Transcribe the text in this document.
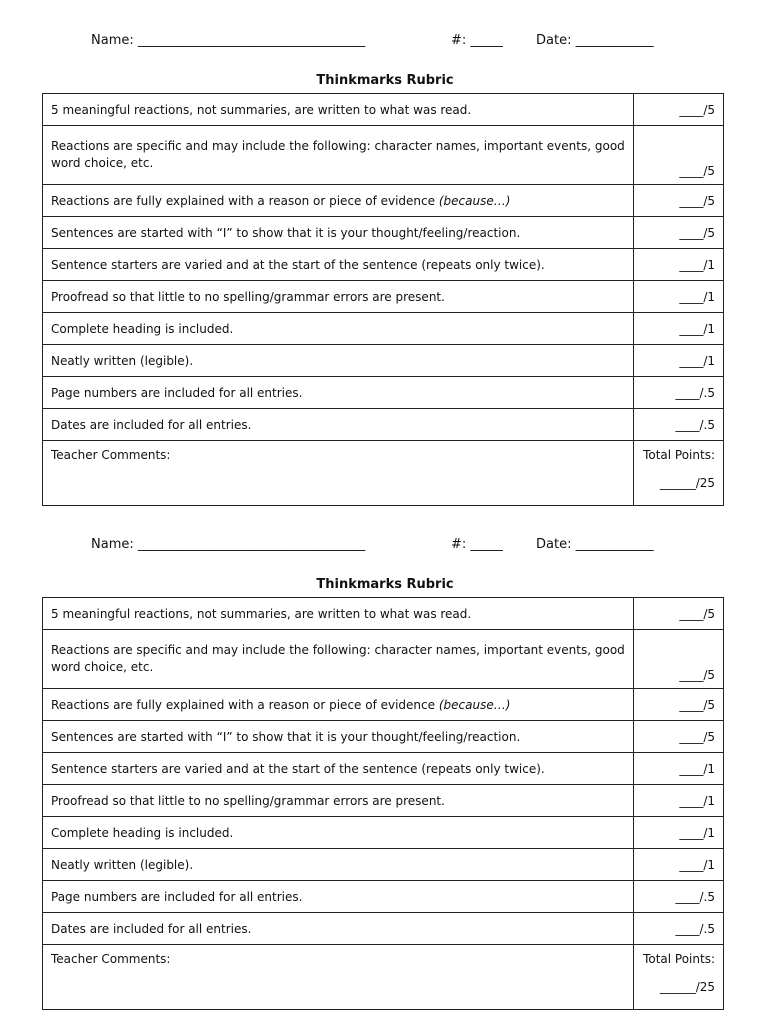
Name: ___________________________________	#: _____	Date: ____________
Thinkmarks Rubric
5 meaningful reactions, not summaries, are written to what was read.	____/5
Reactions are specific and may include the following: character names, important events, good word choice, etc.	____/5
Reactions are fully explained with a reason or piece of evidence (because…)	____/5
Sentences are started with “I” to show that it is your thought/feeling/reaction.	____/5
Sentence starters are varied and at the start of the sentence (repeats only twice).	____/1
Proofread so that little to no spelling/grammar errors are present.	____/1
Complete heading is included.	____/1
Neatly written (legible).	____/1
Page numbers are included for all entries.	____/.5
Dates are included for all entries.	____/.5

Teacher Comments:	Total Points:
______/25
Name: ___________________________________	#: _____	Date: ____________
Thinkmarks Rubric
5 meaningful reactions, not summaries, are written to what was read.	____/5
Reactions are specific and may include the following: character names, important events, good word choice, etc.	____/5
Reactions are fully explained with a reason or piece of evidence (because…)	____/5
Sentences are started with “I” to show that it is your thought/feeling/reaction.	____/5
Sentence starters are varied and at the start of the sentence (repeats only twice).	____/1
Proofread so that little to no spelling/grammar errors are present.	____/1
Complete heading is included.	____/1
Neatly written (legible).	____/1
Page numbers are included for all entries.	____/.5
Dates are included for all entries.	____/.5

Teacher Comments:	Total Points:
______/25
